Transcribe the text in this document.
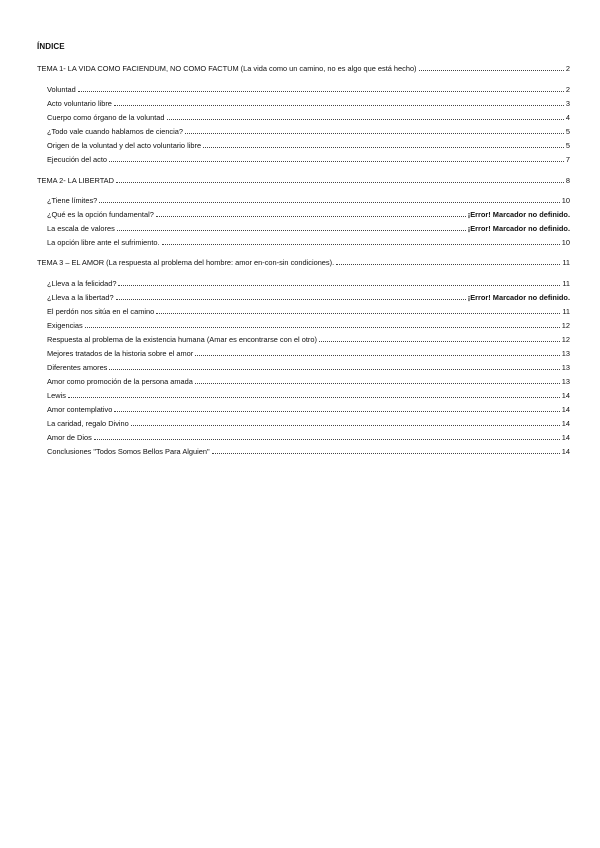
ÍNDICE
TEMA 1- LA VIDA COMO FACIENDUM, NO COMO FACTUM (La vida como un camino, no es algo que está hecho)	2
Voluntad	2
Acto voluntario libre	3
Cuerpo como órgano de la voluntad	4
¿Todo vale cuando hablamos de ciencia?	5
Origen de la voluntad y del acto voluntario libre	5
Ejecución del acto	7
TEMA 2- LA LIBERTAD	8
¿Tiene límites?	10
¿Qué es la opción fundamental?	¡Error! Marcador no definido.
La escala de valores	¡Error! Marcador no definido.
La opción libre ante el sufrimiento.	10
TEMA 3 – EL AMOR (La respuesta al problema del hombre: amor en-con-sin condiciones).	11
¿Lleva a la felicidad?	11
¿Lleva a la libertad?	¡Error! Marcador no definido.
El perdón nos sitúa en el camino	11
Exigencias	12
Respuesta al problema de la existencia humana (Amar es encontrarse con el otro)	12
Mejores tratados de la historia sobre el amor	13
Diferentes amores	13
Amor como promoción de la persona amada	13
Lewis	14
Amor contemplativo	14
La caridad, regalo Divino	14
Amor de Dios	14
Conclusiones "Todos Somos Bellos Para Alguien"	14
